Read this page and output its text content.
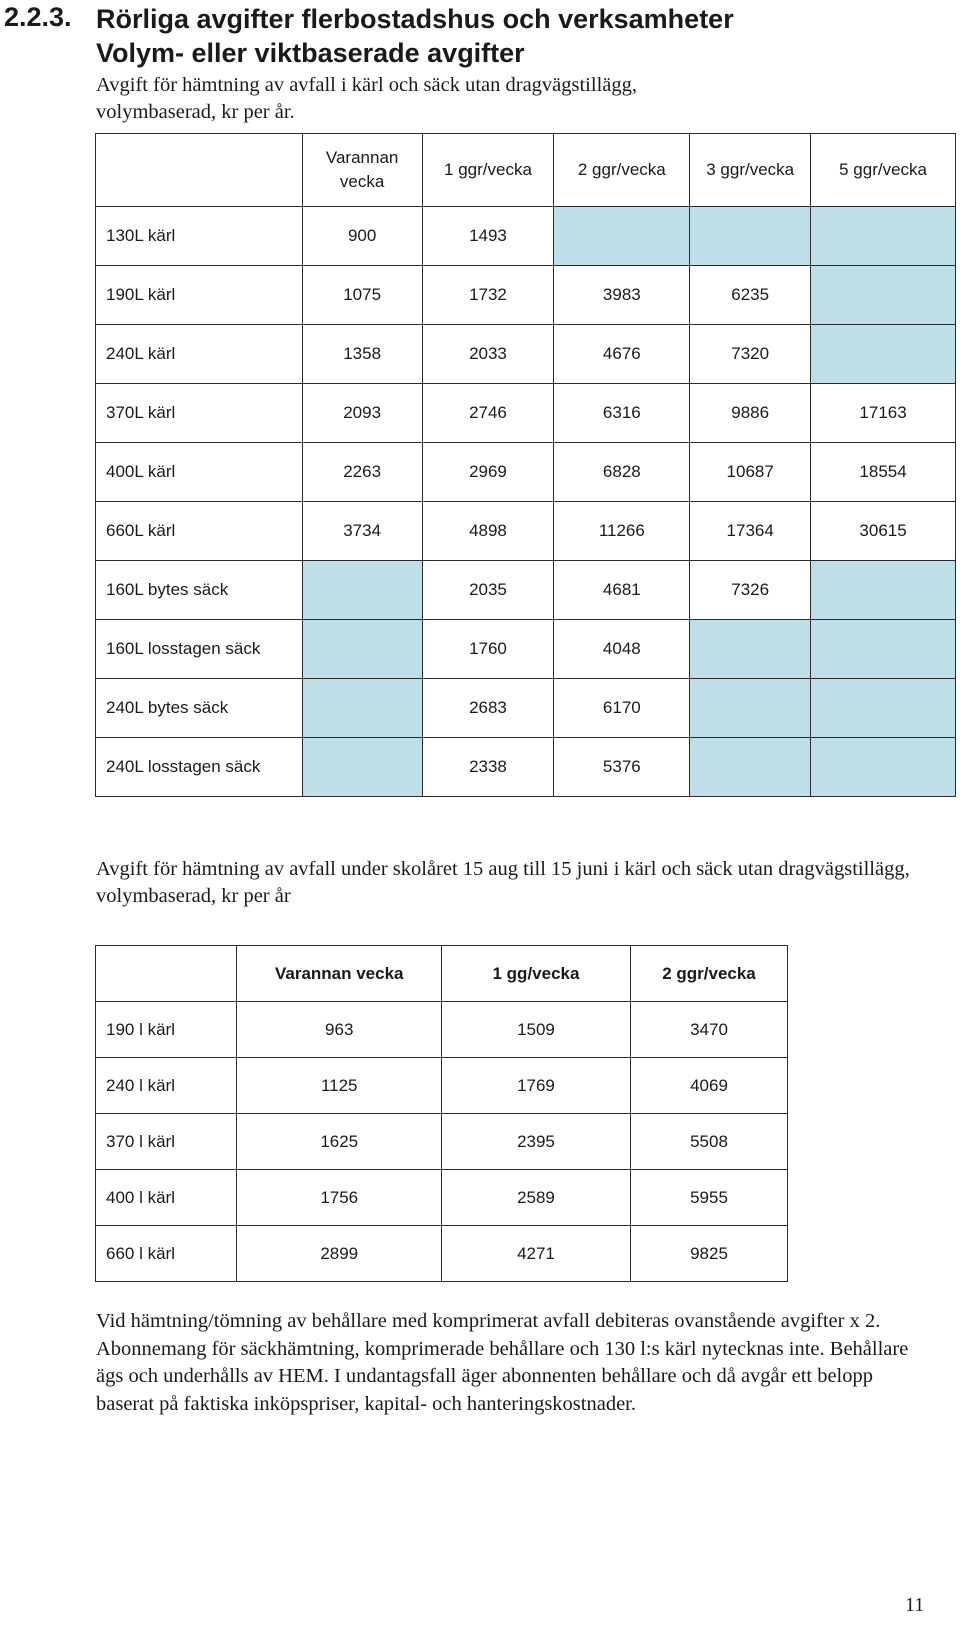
2.2.3. Rörliga avgifter flerbostadshus och verksamheter
Volym- eller viktbaserade avgifter
Avgift för hämtning av avfall i kärl och säck utan dragvägstillägg, volymbaserad, kr per år.
	Varannan vecka	1 ggr/vecka	2 ggr/vecka	3 ggr/vecka	5 ggr/vecka
130L kärl	900	1493			
190L kärl	1075	1732	3983	6235	
240L kärl	1358	2033	4676	7320	
370L kärl	2093	2746	6316	9886	17163
400L kärl	2263	2969	6828	10687	18554
660L kärl	3734	4898	11266	17364	30615
160L bytes säck		2035	4681	7326	
160L losstagen säck		1760	4048		
240L bytes säck		2683	6170		
240L losstagen säck		2338	5376		
Avgift för hämtning av avfall under skolåret 15 aug till 15 juni i kärl och säck utan dragvägstillägg, volymbaserad, kr per år
	Varannan vecka	1 gg/vecka	2 ggr/vecka
190 l kärl	963	1509	3470
240 l kärl	1125	1769	4069
370 l kärl	1625	2395	5508
400 l kärl	1756	2589	5955
660 l kärl	2899	4271	9825
Vid hämtning/tömning av behållare med komprimerat avfall debiteras ovanstående avgifter x 2. Abonnemang för säckhämtning, komprimerade behållare och 130 l:s kärl nytecknas inte. Behållare ägs och underhålls av HEM. I undantagsfall äger abonnenten behållare och då avgår ett belopp baserat på faktiska inköpspriser, kapital- och hanteringskostnader.
11
